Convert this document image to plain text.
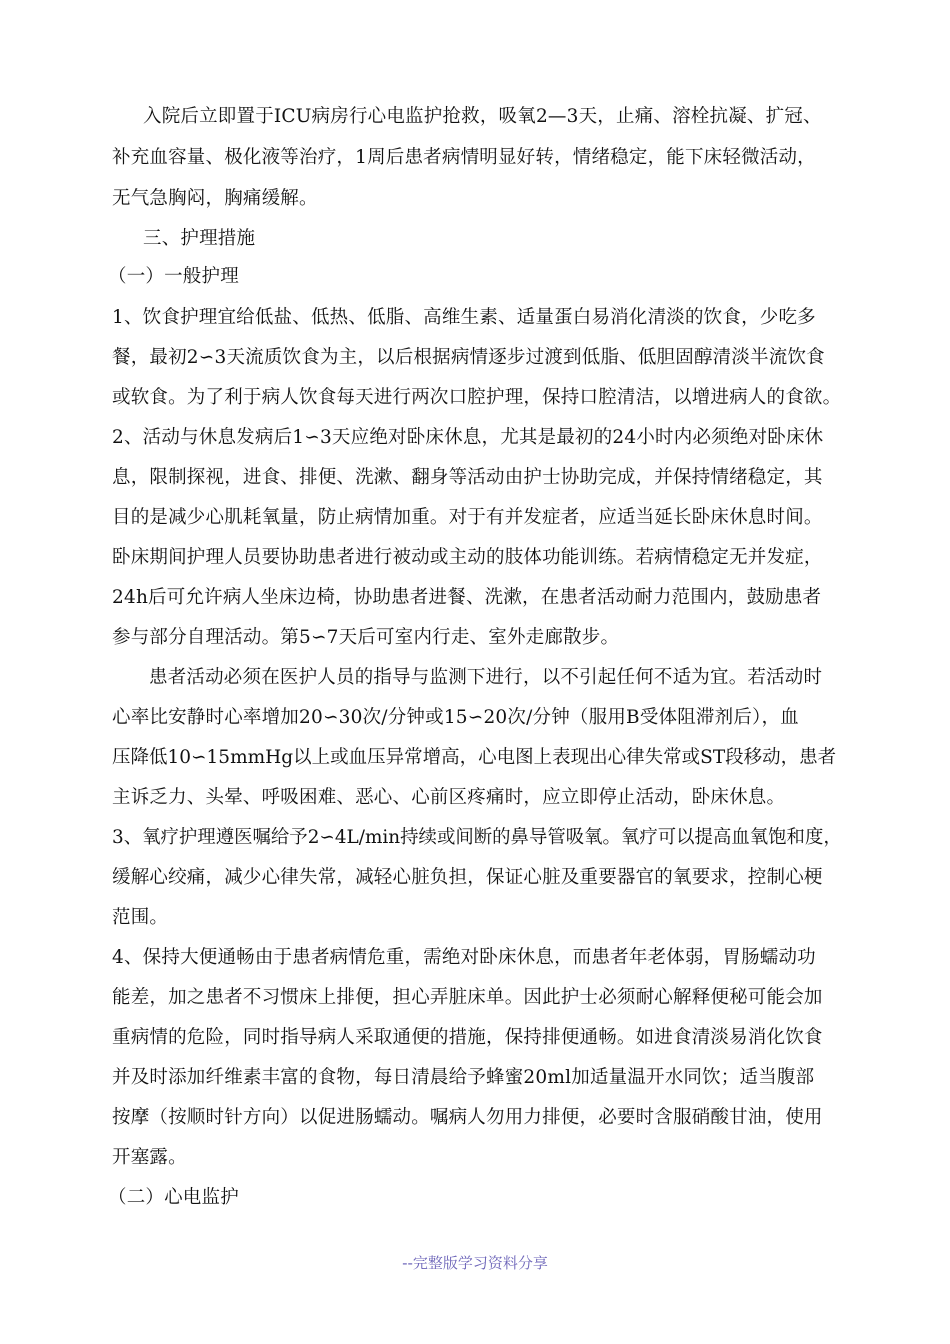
入院后立即置于ICU病房行心电监护抢救，吸氧2—3天，止痛、溶栓抗凝、扩冠、
补充血容量、极化液等治疗，1周后患者病情明显好转，情绪稳定，能下床轻微活动，
无气急胸闷，胸痛缓解。
三、护理措施
（一）一般护理
1、饮食护理宜给低盐、低热、低脂、高维生素、适量蛋白易消化清淡的饮食，少吃多
餐，最初2∽3天流质饮食为主，以后根据病情逐步过渡到低脂、低胆固醇清淡半流饮食
或软食。为了利于病人饮食每天进行两次口腔护理，保持口腔清洁，以增进病人的食欲。
2、活动与休息发病后1∽3天应绝对卧床休息，尤其是最初的24小时内必须绝对卧床休
息，限制探视，进食、排便、洗漱、翻身等活动由护士协助完成，并保持情绪稳定，其
目的是减少心肌耗氧量，防止病情加重。对于有并发症者，应适当延长卧床休息时间。
卧床期间护理人员要协助患者进行被动或主动的肢体功能训练。若病情稳定无并发症，
24h后可允许病人坐床边椅，协助患者进餐、洗漱，在患者活动耐力范围内，鼓励患者
参与部分自理活动。第5∽7天后可室内行走、室外走廊散步。
患者活动必须在医护人员的指导与监测下进行，以不引起任何不适为宜。若活动时
心率比安静时心率增加20∽30次/分钟或15∽20次/分钟（服用Β受体阻滞剂后），血
压降低10∽15mmHg以上或血压异常增高，心电图上表现出心律失常或ST段移动，患者
主诉乏力、头晕、呼吸困难、恶心、心前区疼痛时，应立即停止活动，卧床休息。
3、氧疗护理遵医嘱给予2∽4L/min持续或间断的鼻导管吸氧。氧疗可以提高血氧饱和度，
缓解心绞痛，减少心律失常，减轻心脏负担，保证心脏及重要器官的氧要求，控制心梗
范围。
4、保持大便通畅由于患者病情危重，需绝对卧床休息，而患者年老体弱，胃肠蠕动功
能差，加之患者不习惯床上排便，担心弄脏床单。因此护士必须耐心解释便秘可能会加
重病情的危险，同时指导病人采取通便的措施，保持排便通畅。如进食清淡易消化饮食
并及时添加纤维素丰富的食物，每日清晨给予蜂蜜20ml加适量温开水同饮；适当腹部
按摩（按顺时针方向）以促进肠蠕动。嘱病人勿用力排便，必要时含服硝酸甘油，使用
开塞露。
（二）心电监护
--完整版学习资料分享
